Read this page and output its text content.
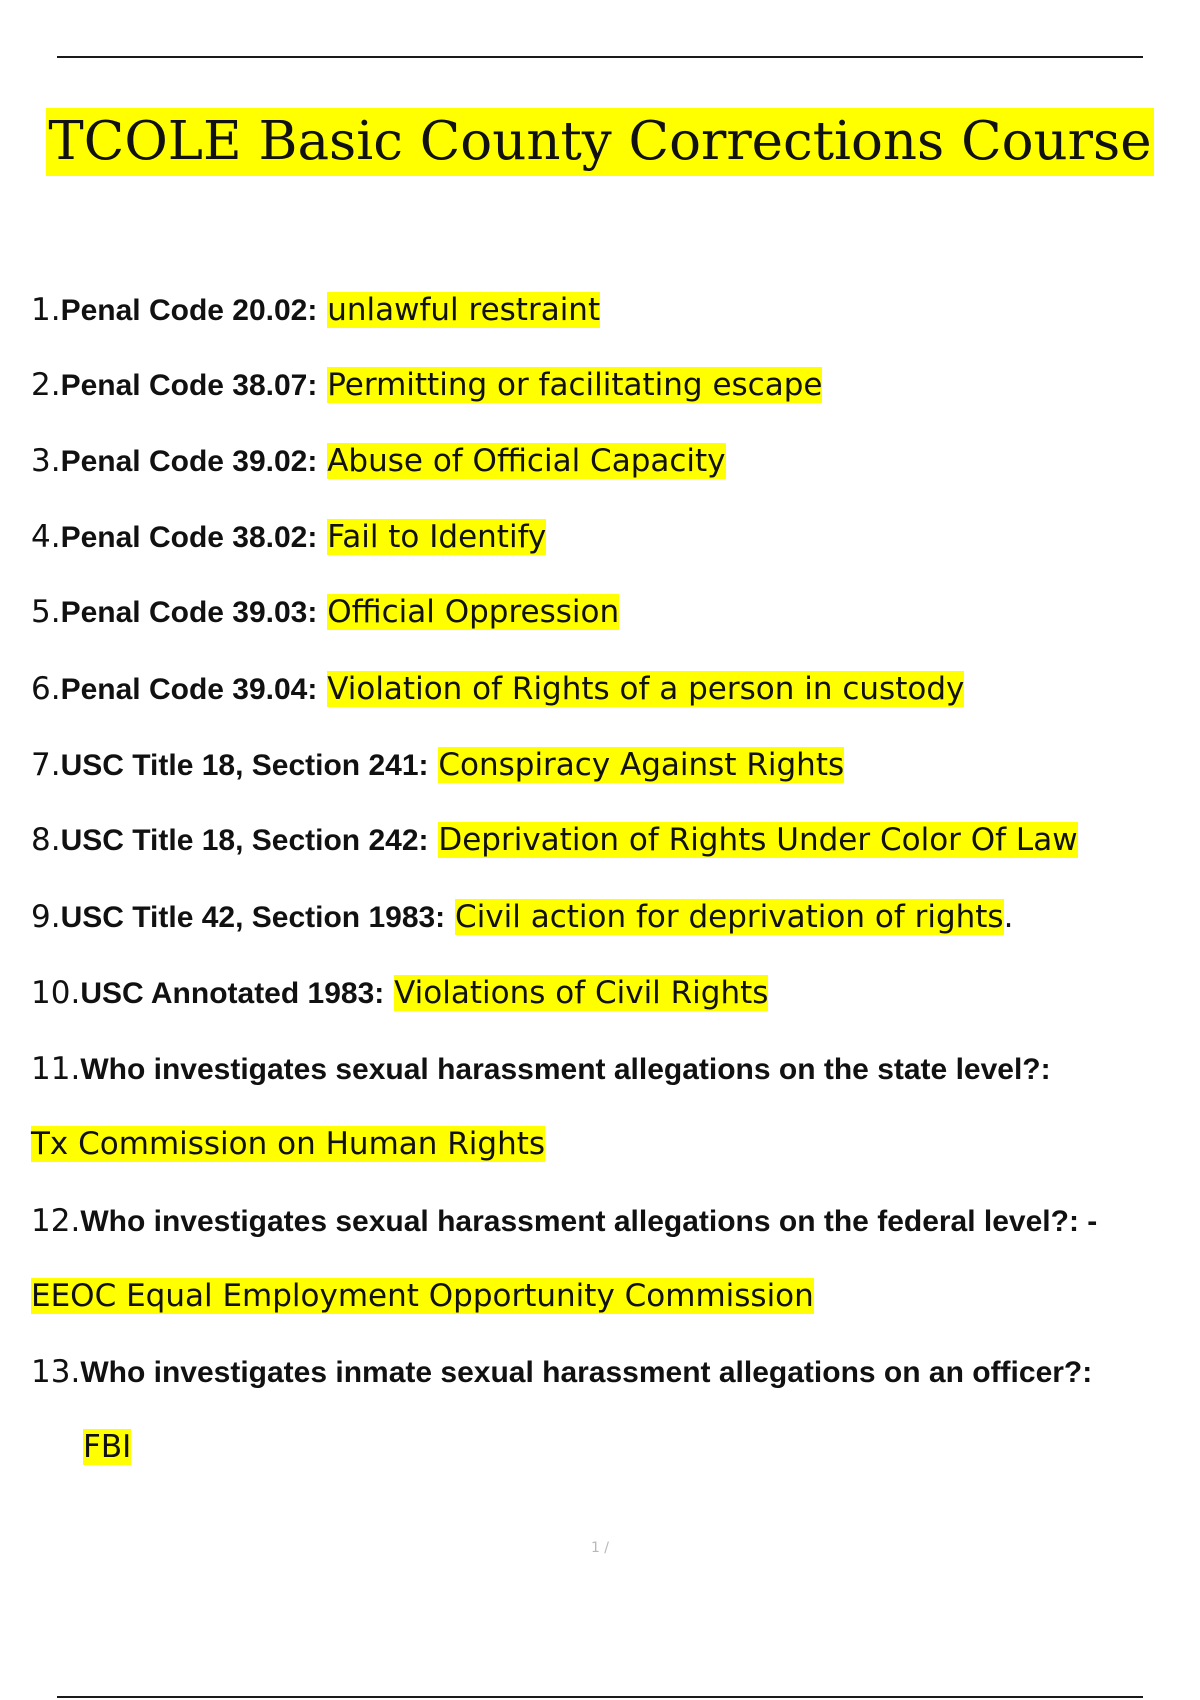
TCOLE Basic County Corrections Course
1.Penal Code 20.02: unlawful restraint
2.Penal Code 38.07: Permitting or facilitating escape
3.Penal Code 39.02: Abuse of Official Capacity
4.Penal Code 38.02: Fail to Identify
5.Penal Code 39.03: Official Oppression
6.Penal Code 39.04: Violation of Rights of a person in custody
7.USC Title 18, Section 241: Conspiracy Against Rights
8.USC Title 18, Section 242: Deprivation of Rights Under Color Of Law
9.USC Title 42, Section 1983: Civil action for deprivation of rights.
10.USC Annotated 1983: Violations of Civil Rights
11.Who investigates sexual harassment allegations on the state level?:
Tx Commission on Human Rights
12.Who investigates sexual harassment allegations on the federal level?: -
EEOC Equal Employment Opportunity Commission
13.Who investigates inmate sexual harassment allegations on an officer?:
FBI
1 /
